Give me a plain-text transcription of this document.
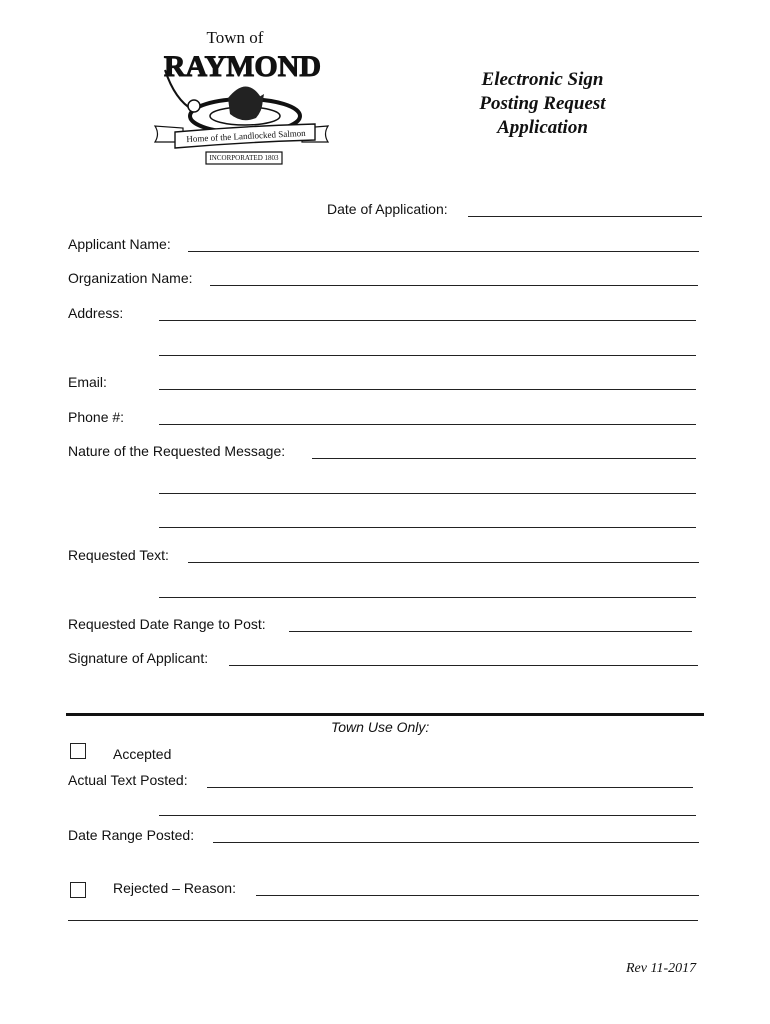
Town of
RAYMOND
Home of the Landlocked Salmon
INCORPORATED 1803
Electronic Sign
Posting Request
Application
Date of Application:
Applicant Name:
Organization Name:
Address:
Email:
Phone #:
Nature of the Requested Message:
Requested Text:
Requested Date Range to Post:
Signature of Applicant:
Town Use Only:
Accepted
Actual Text Posted:
Date Range Posted:
Rejected – Reason:
Rev 11-2017
